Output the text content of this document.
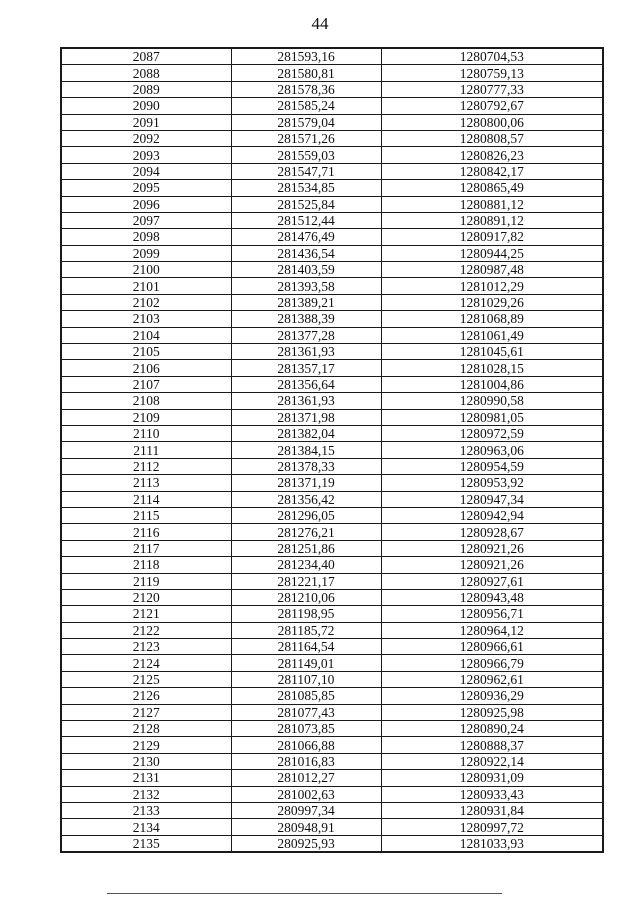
44
2087	281593,16	1280704,53
2088	281580,81	1280759,13
2089	281578,36	1280777,33
2090	281585,24	1280792,67
2091	281579,04	1280800,06
2092	281571,26	1280808,57
2093	281559,03	1280826,23
2094	281547,71	1280842,17
2095	281534,85	1280865,49
2096	281525,84	1280881,12
2097	281512,44	1280891,12
2098	281476,49	1280917,82
2099	281436,54	1280944,25
2100	281403,59	1280987,48
2101	281393,58	1281012,29
2102	281389,21	1281029,26
2103	281388,39	1281068,89
2104	281377,28	1281061,49
2105	281361,93	1281045,61
2106	281357,17	1281028,15
2107	281356,64	1281004,86
2108	281361,93	1280990,58
2109	281371,98	1280981,05
2110	281382,04	1280972,59
2111	281384,15	1280963,06
2112	281378,33	1280954,59
2113	281371,19	1280953,92
2114	281356,42	1280947,34
2115	281296,05	1280942,94
2116	281276,21	1280928,67
2117	281251,86	1280921,26
2118	281234,40	1280921,26
2119	281221,17	1280927,61
2120	281210,06	1280943,48
2121	281198,95	1280956,71
2122	281185,72	1280964,12
2123	281164,54	1280966,61
2124	281149,01	1280966,79
2125	281107,10	1280962,61
2126	281085,85	1280936,29
2127	281077,43	1280925,98
2128	281073,85	1280890,24
2129	281066,88	1280888,37
2130	281016,83	1280922,14
2131	281012,27	1280931,09
2132	281002,63	1280933,43
2133	280997,34	1280931,84
2134	280948,91	1280997,72
2135	280925,93	1281033,93
